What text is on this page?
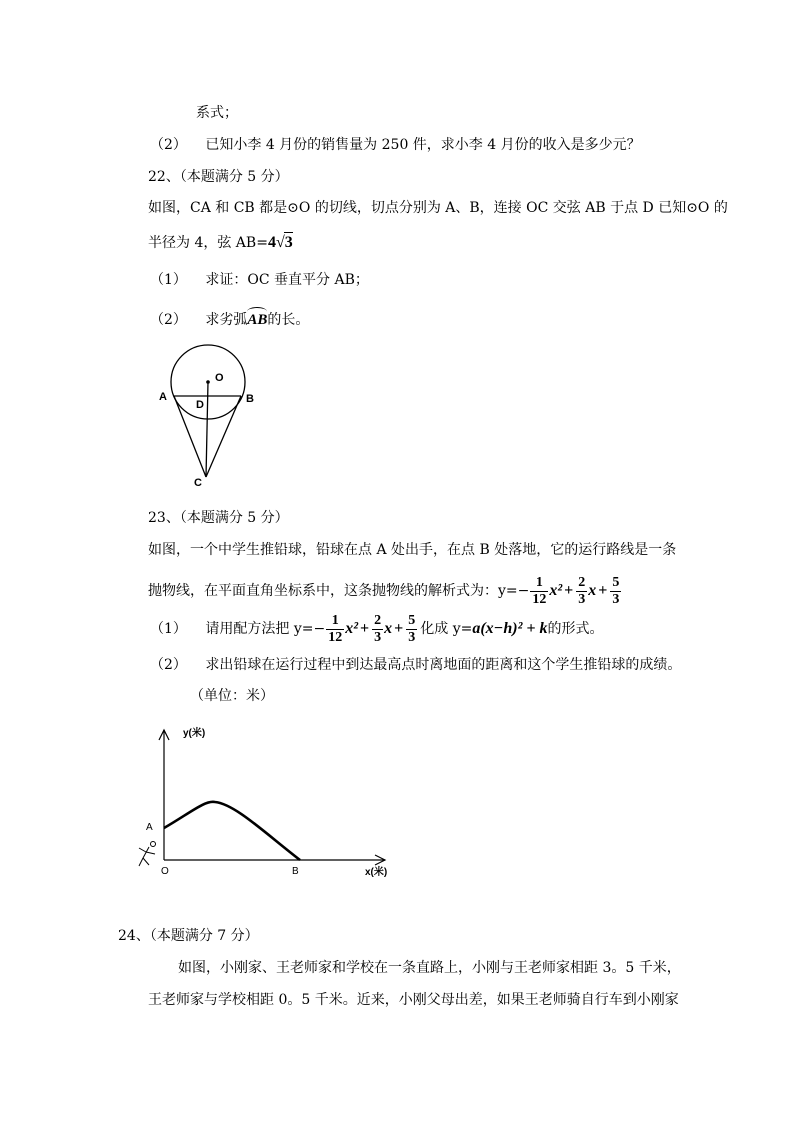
系式；
（2） 已知小李 4 月份的销售量为 250 件，求小李 4 月份的收入是多少元？
22、（本题满分 5 分）
如图，CA 和 CB 都是⊙O 的切线，切点分别为 A、B，连接 OC 交弦 AB 于点 D 已知⊙O 的
半径为 4，弦 AB=4√3
（1） 求证：OC 垂直平分 AB；
（2） 求劣弧AB的长。
O
A	B
D
C
23、（本题满分 5 分）
如图，一个中学生推铅球，铅球在点 A 处出手，在点 B 处落地，它的运行路线是一条
抛物线，在平面直角坐标系中，这条抛物线的解析式为：$y=- \frac{1}{12} x^2 + \frac{2}{3}$ $x + \frac{5}{3}$
（1） 请用配方法把 $y=- \frac{1}{12} x^2 + \frac{2}{3}$ $x + \frac{5}{3}$ 化成 y=a(x−h)² + k的形式。
（2） 求出铅球在运行过程中到达最高点时离地面的距离和这个学生推铅球的成绩。
（单位：米）
y(米)
x(米)
O	B
A
24、（本题满分 7 分）
如图，小刚家、王老师家和学校在一条直路上，小刚与王老师家相距 3。5 千米，
王老师家与学校相距 0。5 千米。近来，小刚父母出差，如果王老师骑自行车到小刚家
